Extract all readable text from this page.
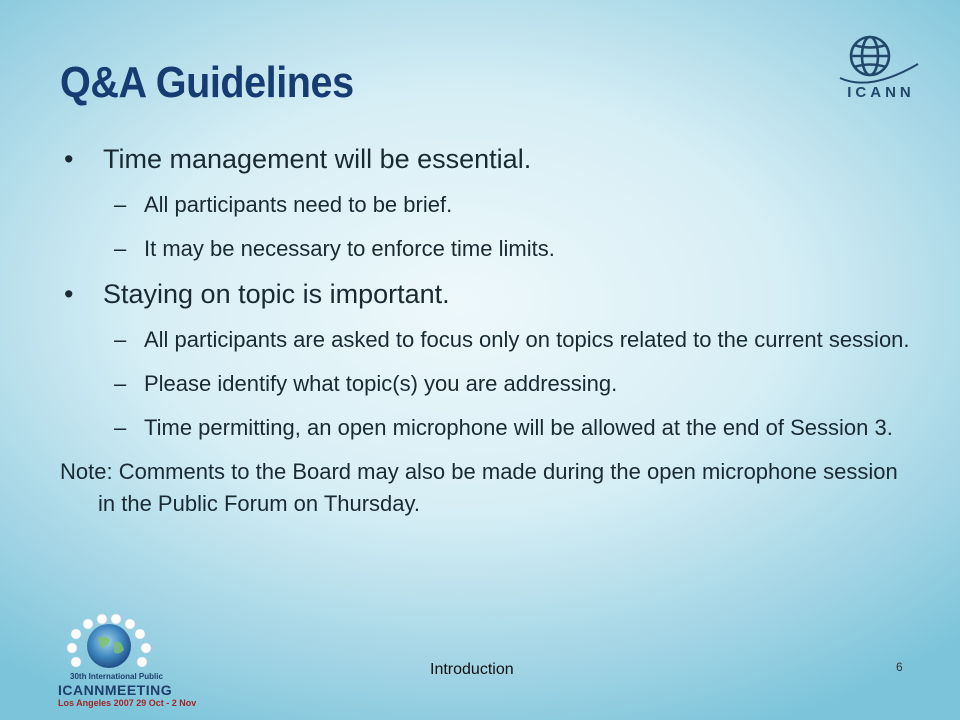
Q&A Guidelines	ICANN
• Time management will be essential.
– All participants need to be brief.
– It may be necessary to enforce time limits.
• Staying on topic is important.
– All participants are asked to focus only on topics related to the current session.
– Please identify what topic(s) you are addressing.
– Time permitting, an open microphone will be allowed at the end of Session 3.
Note: Comments to the Board may also be made during the open microphone session in the Public Forum on Thursday.
30th International Public
ICANNMEETING
Los Angeles 2007 29 Oct - 2 Nov
Introduction	6
